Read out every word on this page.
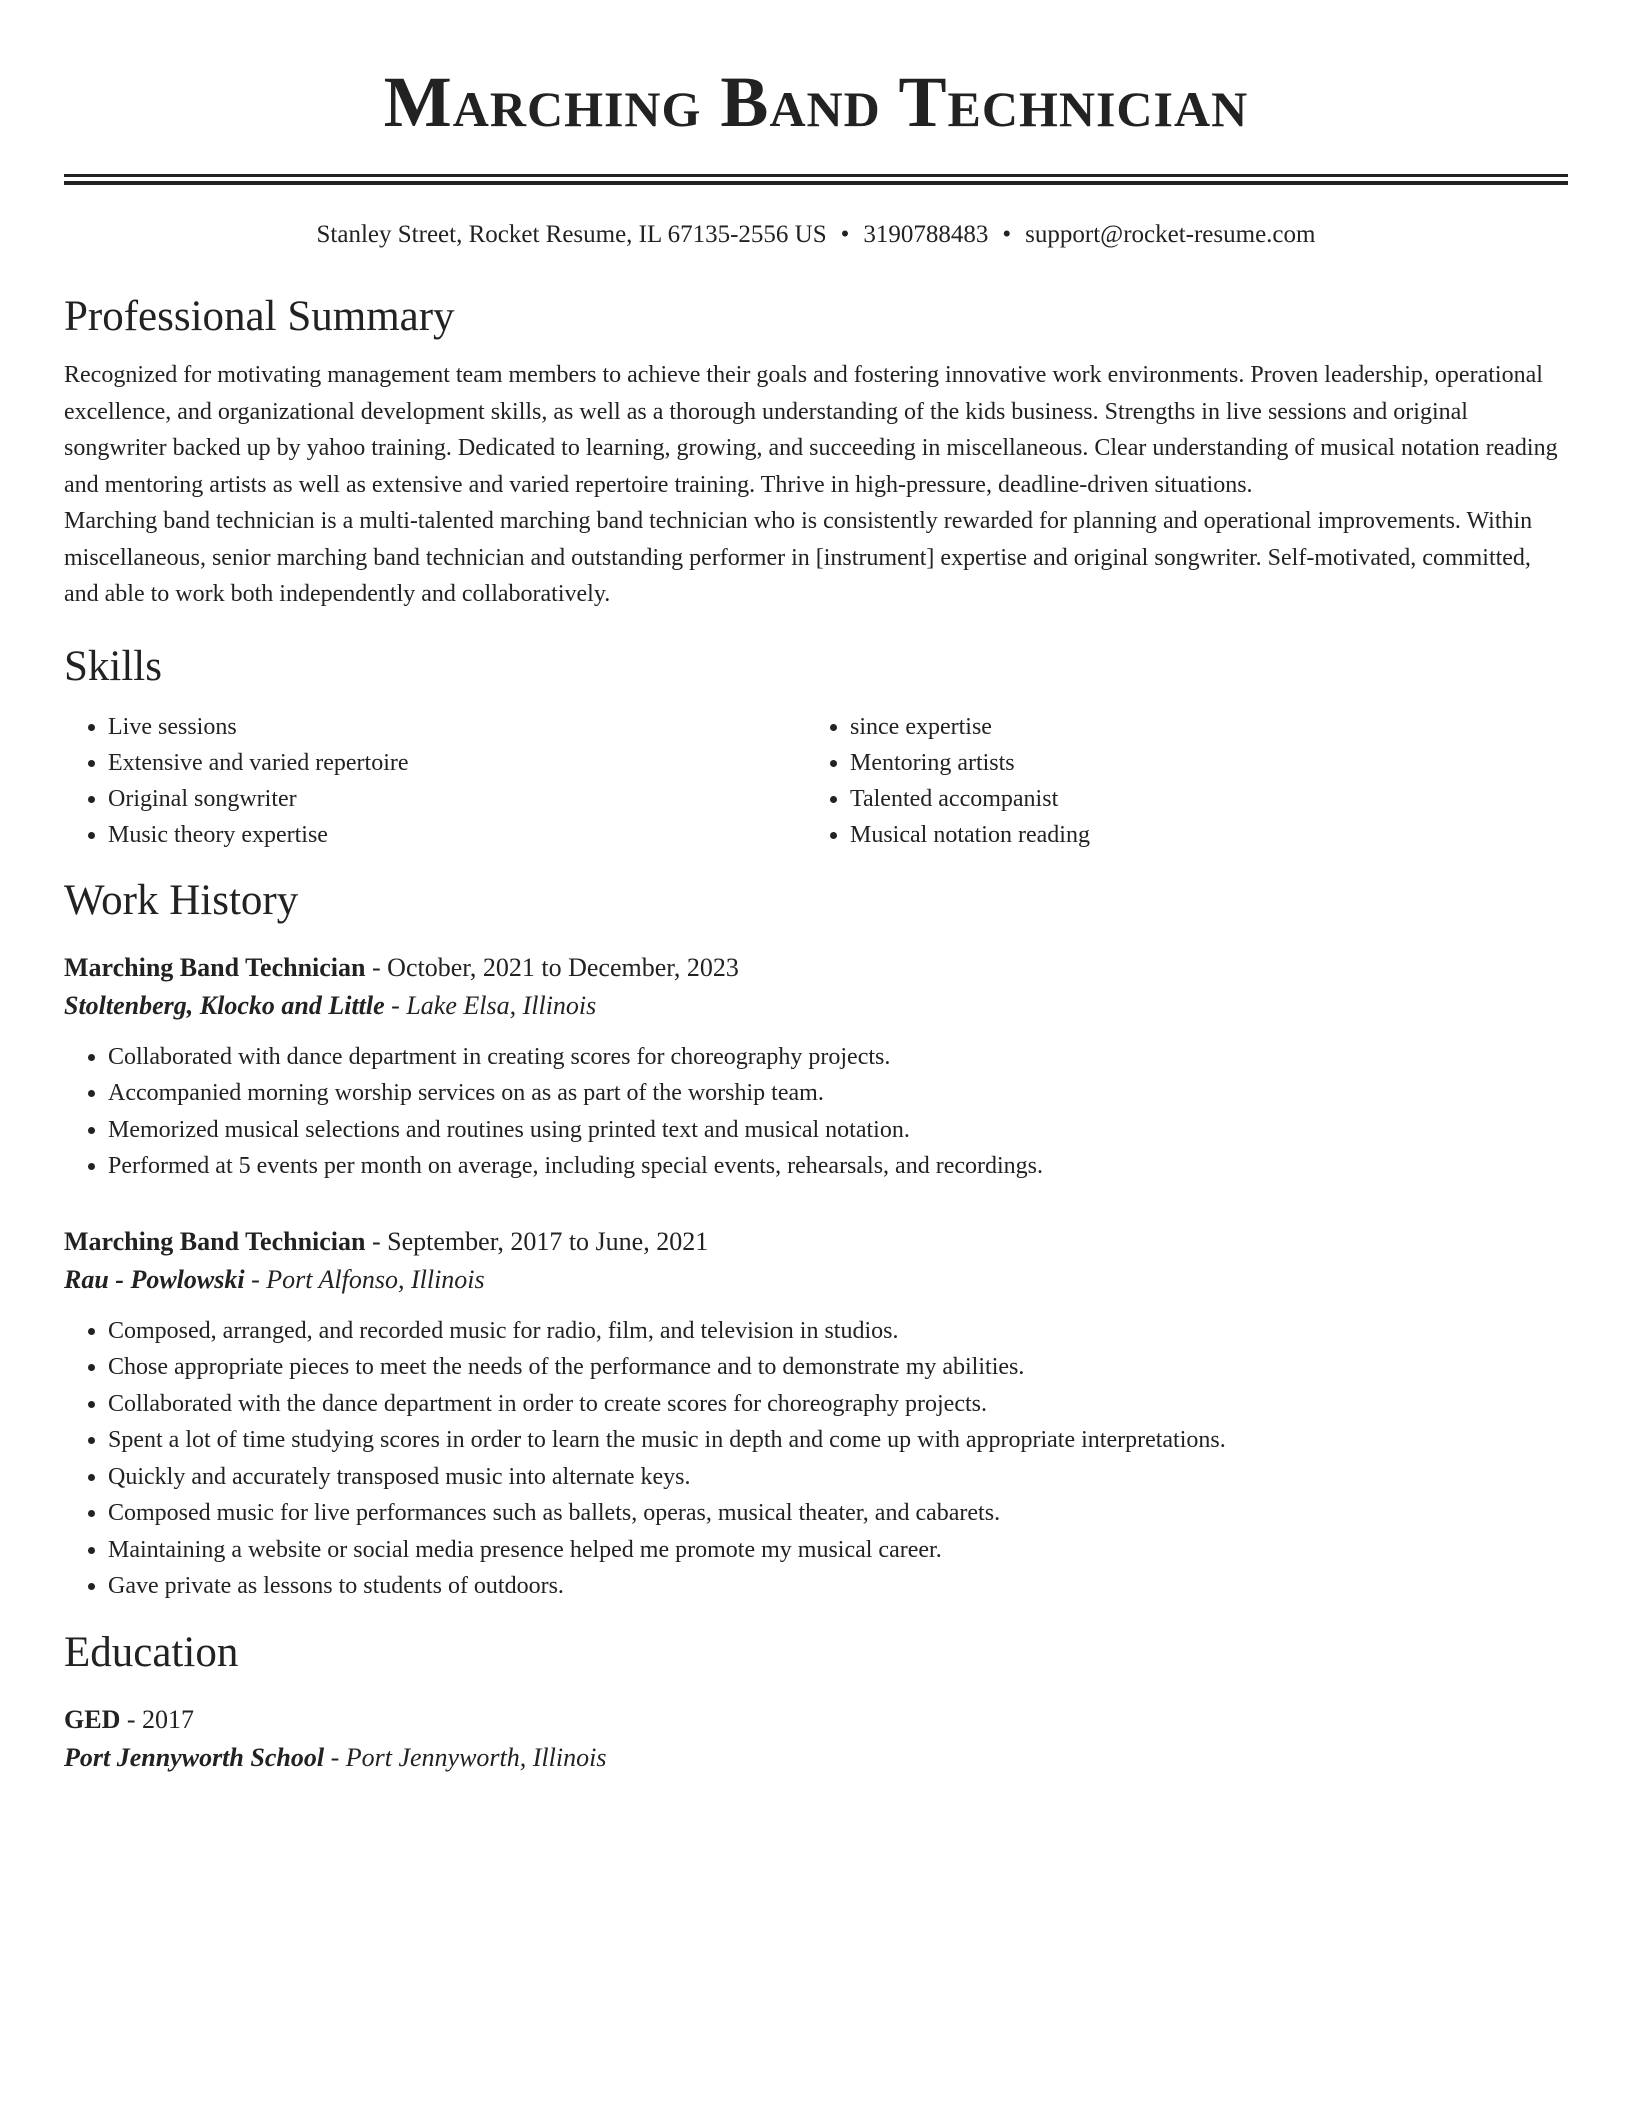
Marching Band Technician
Stanley Street, Rocket Resume, IL 67135-2556 US • 3190788483 • support@rocket-resume.com
Professional Summary

Recognized for motivating management team members to achieve their goals and fostering innovative work environments. Proven leadership, operational excellence, and organizational development skills, as well as a thorough understanding of the kids business. Strengths in live sessions and original songwriter backed up by yahoo training. Dedicated to learning, growing, and succeeding in miscellaneous. Clear understanding of musical notation reading and mentoring artists as well as extensive and varied repertoire training. Thrive in high-pressure, deadline-driven situations.

Marching band technician is a multi-talented marching band technician who is consistently rewarded for planning and operational improvements. Within miscellaneous, senior marching band technician and outstanding performer in [instrument] expertise and original songwriter. Self-motivated, committed, and able to work both independently and collaboratively.

Skills
• Live sessions
• Extensive and varied repertoire
• Original songwriter
• Music theory expertise
• since expertise
• Mentoring artists
• Talented accompanist
• Musical notation reading
Work History
Marching Band Technician - October, 2021 to December, 2023
Stoltenberg, Klocko and Little - Lake Elsa, Illinois
• Collaborated with dance department in creating scores for choreography projects.
• Accompanied morning worship services on as as part of the worship team.
• Memorized musical selections and routines using printed text and musical notation.
• Performed at 5 events per month on average, including special events, rehearsals, and recordings.
Marching Band Technician - September, 2017 to June, 2021
Rau - Powlowski - Port Alfonso, Illinois
• Composed, arranged, and recorded music for radio, film, and television in studios.
• Chose appropriate pieces to meet the needs of the performance and to demonstrate my abilities.
• Collaborated with the dance department in order to create scores for choreography projects.
• Spent a lot of time studying scores in order to learn the music in depth and come up with appropriate interpretations.
• Quickly and accurately transposed music into alternate keys.
• Composed music for live performances such as ballets, operas, musical theater, and cabarets.
• Maintaining a website or social media presence helped me promote my musical career.
• Gave private as lessons to students of outdoors.
Education
GED - 2017
Port Jennyworth School - Port Jennyworth, Illinois
